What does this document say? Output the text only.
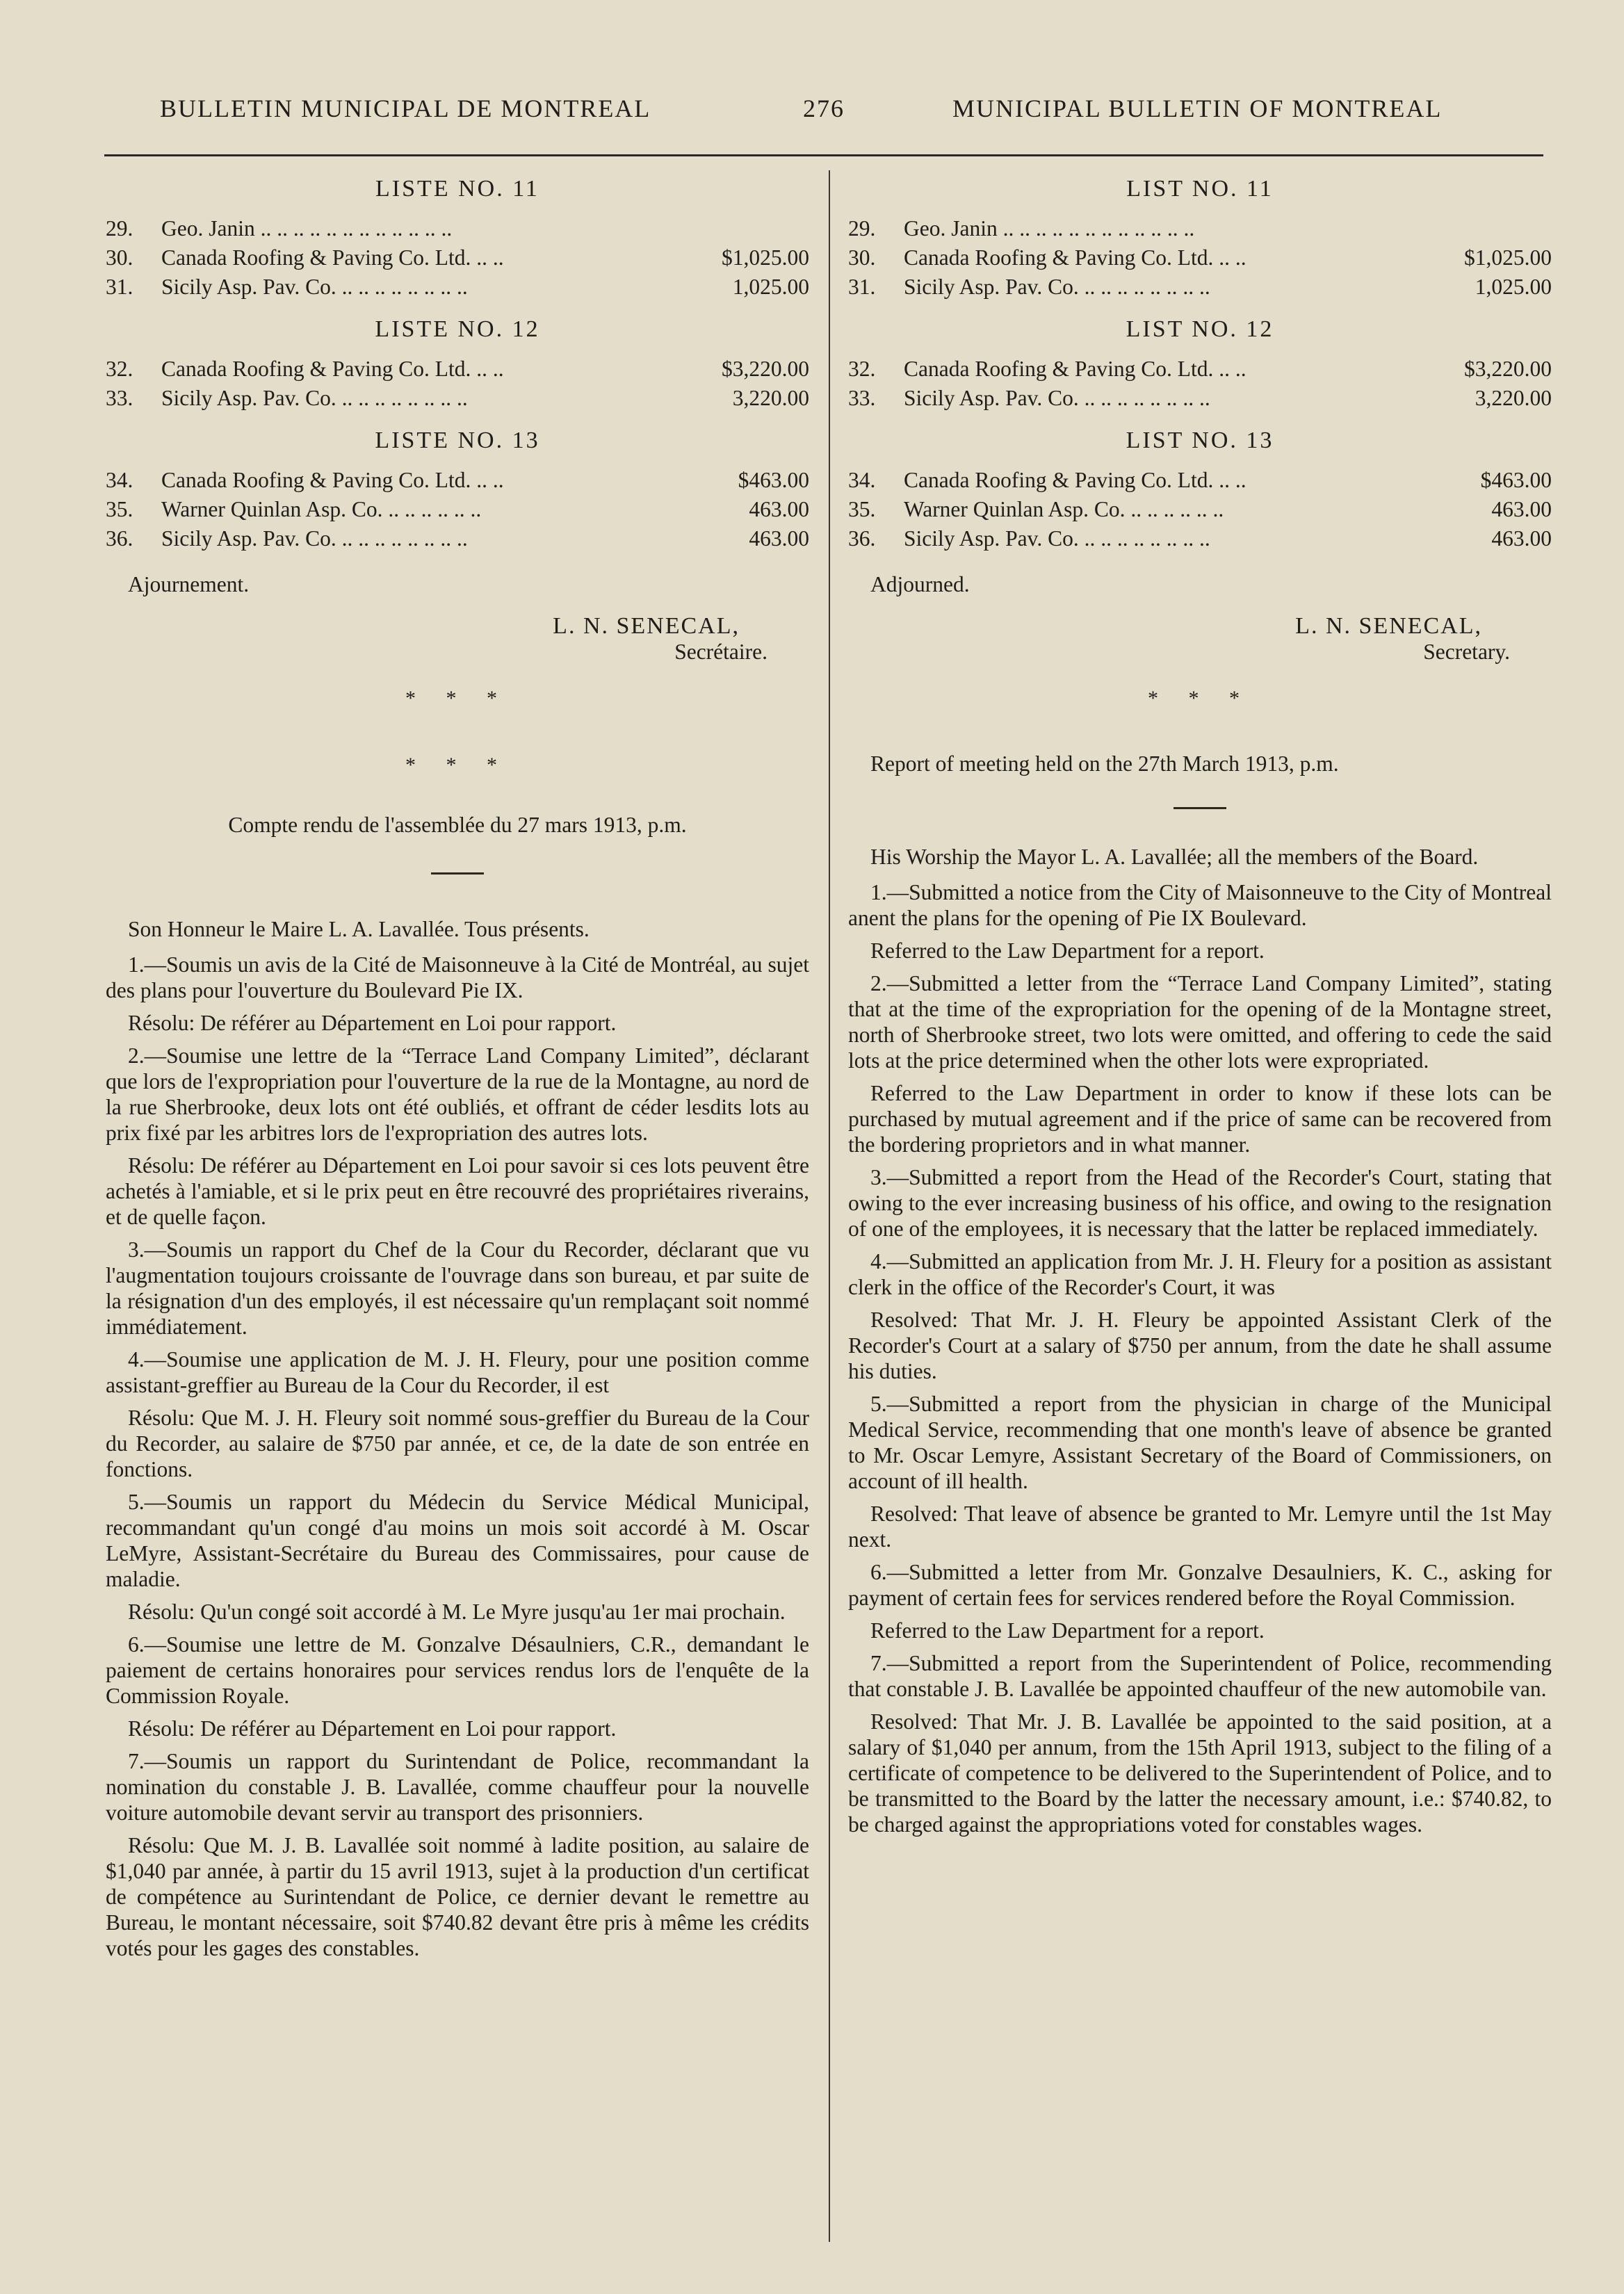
BULLETIN MUNICIPAL DE MONTREAL	276	MUNICIPAL BULLETIN OF MONTREAL
LISTE NO. 11
29. Geo. Janin .. .. .. .. .. .. .. .. .. .. .. ..
30. Canada Roofing & Paving Co. Ltd. .. ..	$1,025.00
31. Sicily Asp. Pav. Co. .. .. .. .. .. .. .. ..	1,025.00
LISTE NO. 12
32. Canada Roofing & Paving Co. Ltd. .. ..	$3,220.00
33. Sicily Asp. Pav. Co. .. .. .. .. .. .. .. ..	3,220.00
LISTE NO. 13
34. Canada Roofing & Paving Co. Ltd. .. ..	$463.00
35. Warner Quinlan Asp. Co. .. .. .. .. .. ..	463.00
36. Sicily Asp. Pav. Co. .. .. .. .. .. .. .. ..	463.00
Ajournement.
L. N. SENECAL,
Secrétaire.
* * *
* * *
Compte rendu de l'assemblée du 27 mars 1913, p.m.

Son Honneur le Maire L. A. Lavallée. Tous présents.

1.—Soumis un avis de la Cité de Maisonneuve à la Cité de Montréal, au sujet des plans pour l'ouverture du Boulevard Pie IX.

Résolu: De référer au Département en Loi pour rapport.

2.—Soumise une lettre de la “Terrace Land Company Limited”, déclarant que lors de l'expropriation pour l'ouverture de la rue de la Montagne, au nord de la rue Sherbrooke, deux lots ont été oubliés, et offrant de céder lesdits lots au prix fixé par les arbitres lors de l'expropriation des autres lots.

Résolu: De référer au Département en Loi pour savoir si ces lots peuvent être achetés à l'amiable, et si le prix peut en être recouvré des propriétaires riverains, et de quelle façon.

3.—Soumis un rapport du Chef de la Cour du Recorder, déclarant que vu l'augmentation toujours croissante de l'ouvrage dans son bureau, et par suite de la résignation d'un des employés, il est nécessaire qu'un remplaçant soit nommé immédiatement.

4.—Soumise une application de M. J. H. Fleury, pour une position comme assistant-greffier au Bureau de la Cour du Recorder, il est

Résolu: Que M. J. H. Fleury soit nommé sous-greffier du Bureau de la Cour du Recorder, au salaire de $750 par année, et ce, de la date de son entrée en fonctions.

5.—Soumis un rapport du Médecin du Service Médical Municipal, recommandant qu'un congé d'au moins un mois soit accordé à M. Oscar LeMyre, Assistant-Secrétaire du Bureau des Commissaires, pour cause de maladie.

Résolu: Qu'un congé soit accordé à M. Le Myre jusqu'au 1er mai prochain.

6.—Soumise une lettre de M. Gonzalve Désaulniers, C.R., demandant le paiement de certains honoraires pour services rendus lors de l'enquête de la Commission Royale.

Résolu: De référer au Département en Loi pour rapport.

7.—Soumis un rapport du Surintendant de Police, recommandant la nomination du constable J. B. Lavallée, comme chauffeur pour la nouvelle voiture automobile devant servir au transport des prisonniers.

Résolu: Que M. J. B. Lavallée soit nommé à ladite position, au salaire de $1,040 par année, à partir du 15 avril 1913, sujet à la production d'un certificat de compétence au Surintendant de Police, ce dernier devant le remettre au Bureau, le montant nécessaire, soit $740.82 devant être pris à même les crédits votés pour les gages des constables.

LIST NO. 11
29. Geo. Janin .. .. .. .. .. .. .. .. .. .. .. ..
30. Canada Roofing & Paving Co. Ltd. .. ..	$1,025.00
31. Sicily Asp. Pav. Co. .. .. .. .. .. .. .. ..	1,025.00
LIST NO. 12
32. Canada Roofing & Paving Co. Ltd. .. ..	$3,220.00
33. Sicily Asp. Pav. Co. .. .. .. .. .. .. .. ..	3,220.00
LIST NO. 13
34. Canada Roofing & Paving Co. Ltd. .. ..	$463.00
35. Warner Quinlan Asp. Co. .. .. .. .. .. ..	463.00
36. Sicily Asp. Pav. Co. .. .. .. .. .. .. .. ..	463.00
Adjourned.
L. N. SENECAL,
Secretary.
* * *
Report of meeting held on the 27th March 1913, p.m.

His Worship the Mayor L. A. Lavallée; all the members of the Board.

1.—Submitted a notice from the City of Maisonneuve to the City of Montreal anent the plans for the opening of Pie IX Boulevard.

Referred to the Law Department for a report.

2.—Submitted a letter from the “Terrace Land Company Limited”, stating that at the time of the expropriation for the opening of de la Montagne street, north of Sherbrooke street, two lots were omitted, and offering to cede the said lots at the price determined when the other lots were expropriated.

Referred to the Law Department in order to know if these lots can be purchased by mutual agreement and if the price of same can be recovered from the bordering proprietors and in what manner.

3.—Submitted a report from the Head of the Recorder's Court, stating that owing to the ever increasing business of his office, and owing to the resignation of one of the employees, it is necessary that the latter be replaced immediately.

4.—Submitted an application from Mr. J. H. Fleury for a position as assistant clerk in the office of the Recorder's Court, it was

Resolved: That Mr. J. H. Fleury be appointed Assistant Clerk of the Recorder's Court at a salary of $750 per annum, from the date he shall assume his duties.

5.—Submitted a report from the physician in charge of the Municipal Medical Service, recommending that one month's leave of absence be granted to Mr. Oscar Lemyre, Assistant Secretary of the Board of Commissioners, on account of ill health.

Resolved: That leave of absence be granted to Mr. Lemyre until the 1st May next.

6.—Submitted a letter from Mr. Gonzalve Desaulniers, K. C., asking for payment of certain fees for services rendered before the Royal Commission.

Referred to the Law Department for a report.

7.—Submitted a report from the Superintendent of Police, recommending that constable J. B. Lavallée be appointed chauffeur of the new automobile van.

Resolved: That Mr. J. B. Lavallée be appointed to the said position, at a salary of $1,040 per annum, from the 15th April 1913, subject to the filing of a certificate of competence to be delivered to the Superintendent of Police, and to be transmitted to the Board by the latter the necessary amount, i.e.: $740.82, to be charged against the appropriations voted for constables wages.
